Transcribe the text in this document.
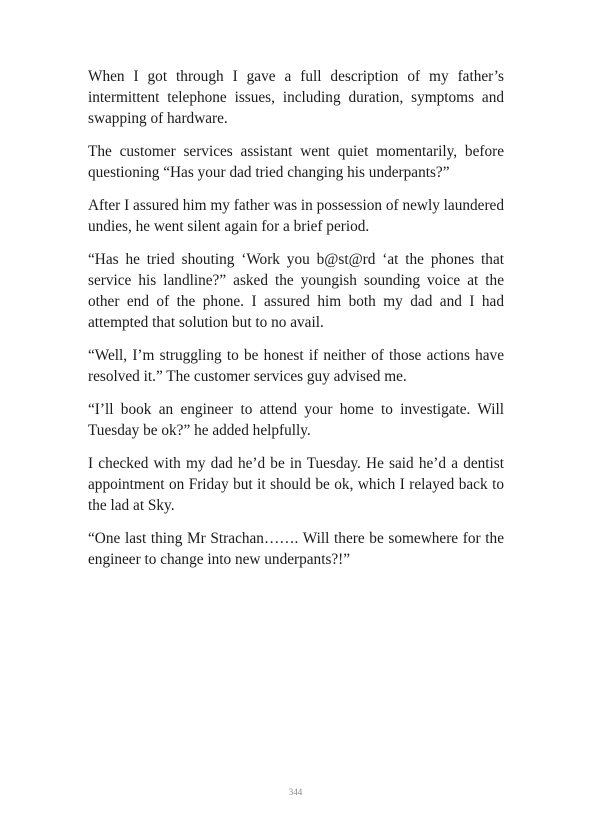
When I got through I gave a full description of my father’s intermittent telephone issues, including duration, symptoms and swapping of hardware.

The customer services assistant went quiet momentarily, before questioning “Has your dad tried changing his underpants?”

After I assured him my father was in possession of newly laundered undies, he went silent again for a brief period.

“Has he tried shouting ‘Work you b@st@rd ‘at the phones that service his landline?” asked the youngish sounding voice at the other end of the phone. I assured him both my dad and I had attempted that solution but to no avail.

“Well, I’m struggling to be honest if neither of those actions have resolved it.” The customer services guy advised me.

“I’ll book an engineer to attend your home to investigate. Will Tuesday be ok?” he added helpfully.

I checked with my dad he’d be in Tuesday. He said he’d a dentist appointment on Friday but it should be ok, which I relayed back to the lad at Sky.

“One last thing Mr Strachan……. Will there be somewhere for the engineer to change into new underpants?!”

344
